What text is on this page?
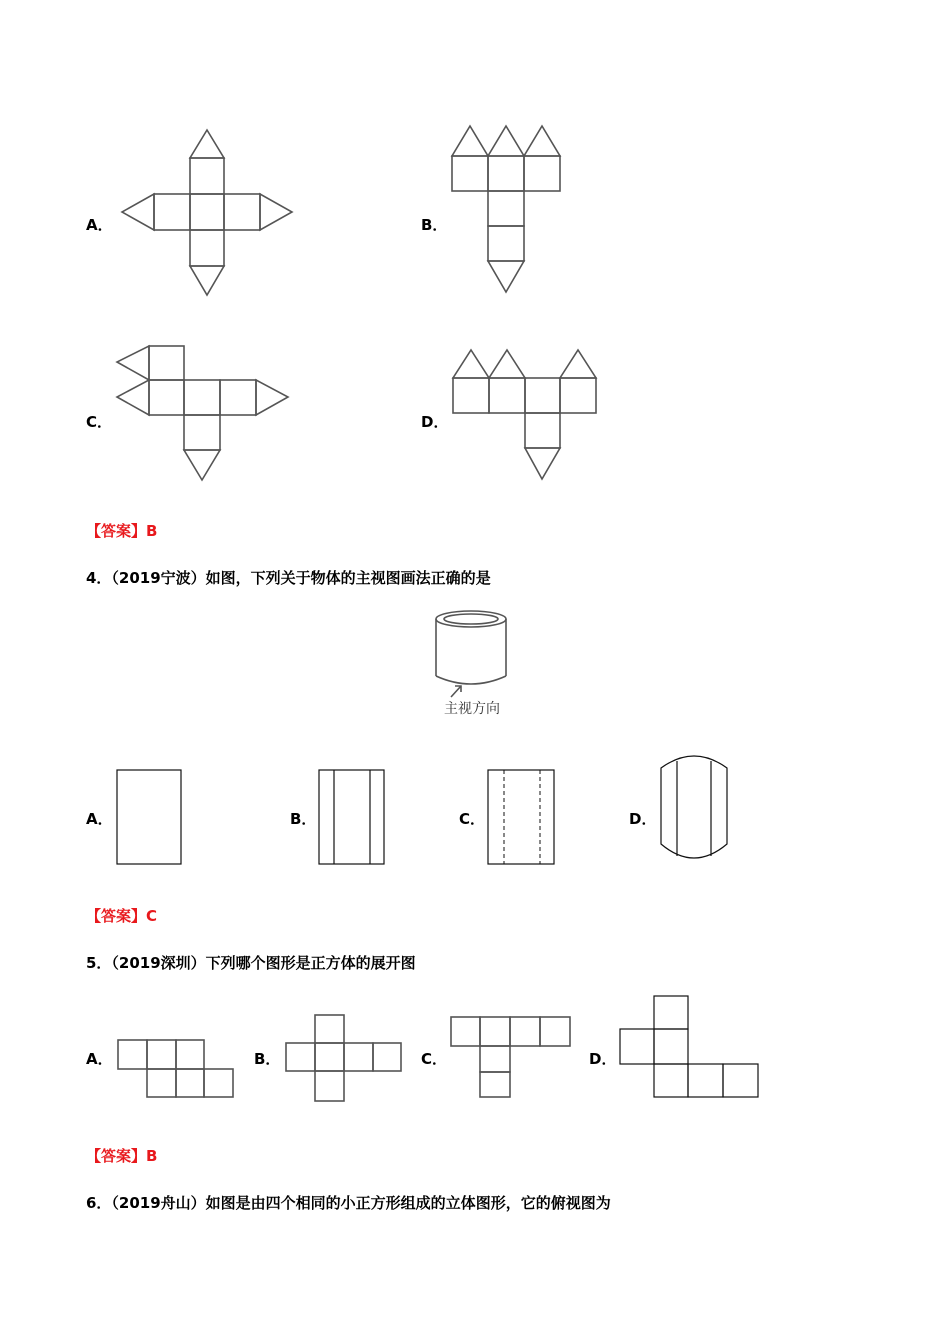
A．	B．
C．	D．
【答案】B
4．（2019宁波）如图，下列关于物体的主视图画法正确的是
主视方向
A．	B．	C．	D．
【答案】C
5．（2019深圳）下列哪个图形是正方体的展开图
A．	B．	C．	D．
【答案】B
6．（2019舟山）如图是由四个相同的小正方形组成的立体图形，它的俯视图为
